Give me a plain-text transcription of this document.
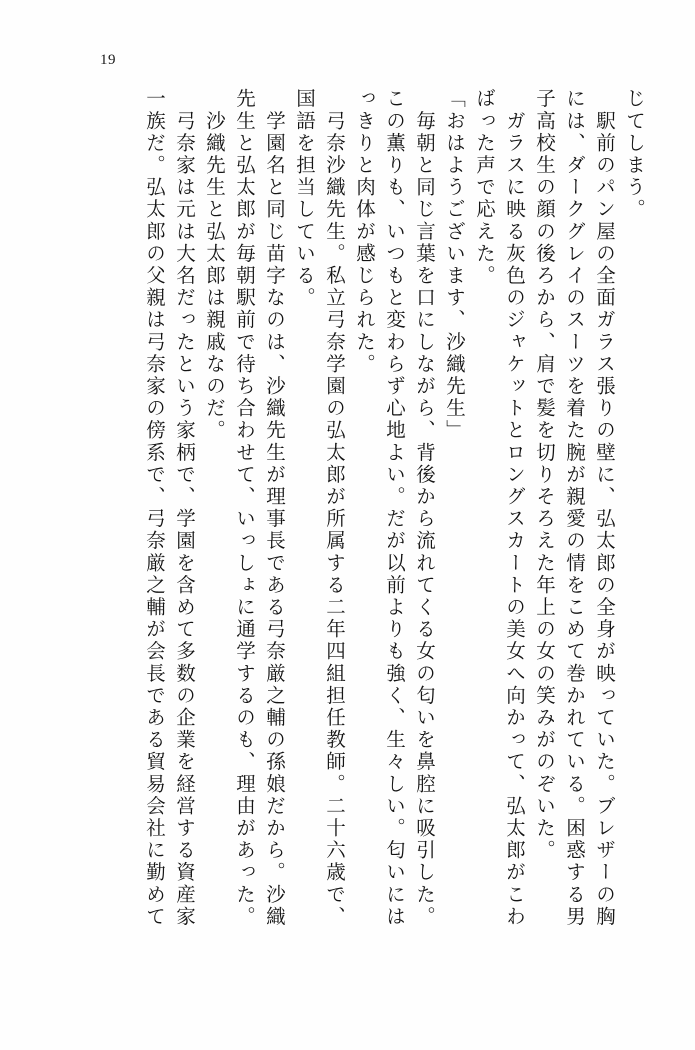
19
じてしまう。
　駅前のパン屋の全面ガラス張りの壁に、弘太郎の全身が映っていた。ブレザーの胸
には、ダークグレイのスーツを着た腕が親愛の情をこめて巻かれている。困惑する男
子高校生の顔の後ろから、肩で髪を切りそろえた年上の女の笑みがのぞいた。
　ガラスに映る灰色のジャケットとロングスカートの美女へ向かって、弘太郎がこわ
ばった声で応えた。
「おはようございます、沙織先生」
　毎朝と同じ言葉を口にしながら、背後から流れてくる女の匂いを鼻腔に吸引した。
この薫りも、いつもと変わらず心地よい。だが以前よりも強く、生々しい。匂いには
っきりと肉体が感じられた。
　弓奈沙織先生。私立弓奈学園の弘太郎が所属する二年四組担任教師。二十六歳で、
国語を担当している。
　学園名と同じ苗字なのは、沙織先生が理事長である弓奈厳之輔の孫娘だから。沙織
先生と弘太郎が毎朝駅前で待ち合わせて、いっしょに通学するのも、理由があった。
　沙織先生と弘太郎は親戚なのだ。
　弓奈家は元は大名だったという家柄で、学園を含めて多数の企業を経営する資産家
一族だ。弘太郎の父親は弓奈家の傍系で、弓奈厳之輔が会長である貿易会社に勤めて
